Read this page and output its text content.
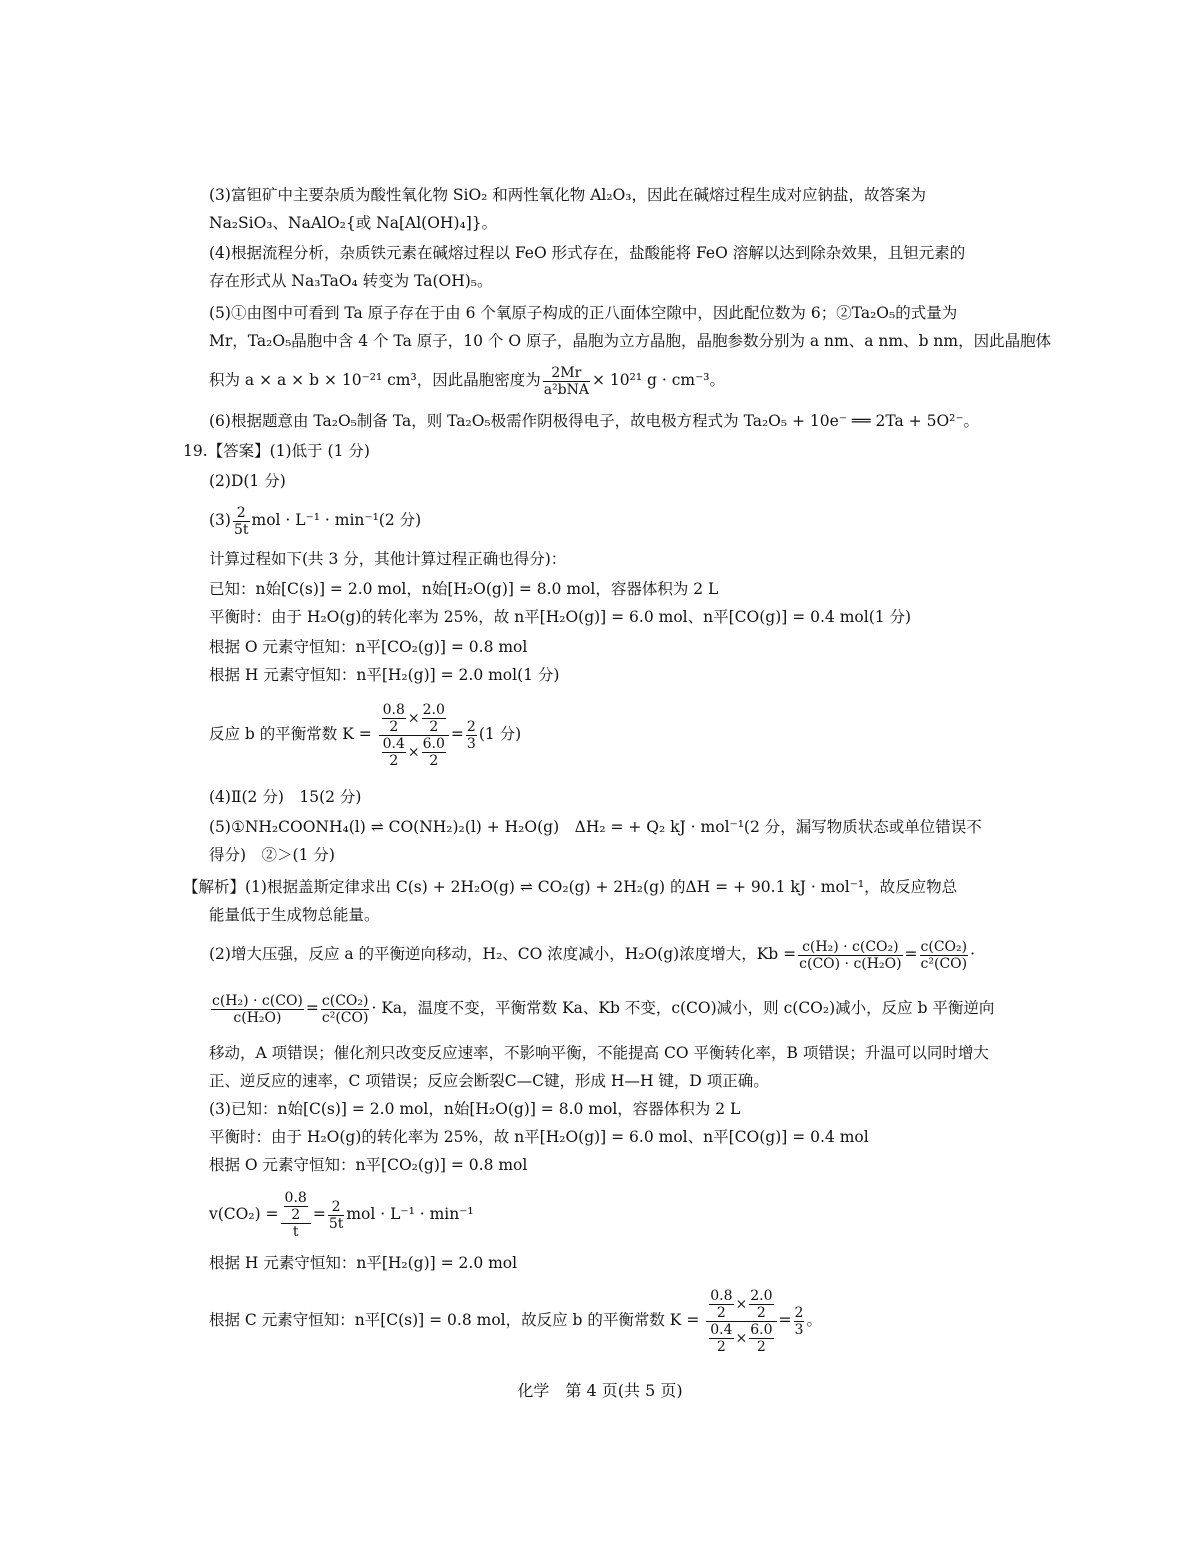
(3)富钽矿中主要杂质为酸性氧化物 SiO₂ 和两性氧化物 Al₂O₃，因此在碱熔过程生成对应钠盐，故答案为
Na₂SiO₃、NaAlO₂{或 Na[Al(OH)₄]}。
(4)根据流程分析，杂质铁元素在碱熔过程以 FeO 形式存在，盐酸能将 FeO 溶解以达到除杂效果，且钽元素的
存在形式从 Na₃TaO₄ 转变为 Ta(OH)₅。
(5)①由图中可看到 Ta 原子存在于由 6 个氧原子构成的正八面体空隙中，因此配位数为 6；②Ta₂O₅的式量为
Mr，Ta₂O₅晶胞中含 4 个 Ta 原子，10 个 O 原子，晶胞为立方晶胞，晶胞参数分别为 a nm、a nm、b nm，因此晶胞体
积为 a × a × b × 10⁻²¹ cm³，因此晶胞密度为 2Mr
a²bNA
× 10²¹ g · cm⁻³。
(6)根据题意由 Ta₂O₅制备 Ta，则 Ta₂O₅极需作阴极得电子，故电极方程式为 Ta₂O₅ + 10e⁻ ══ 2Ta + 5O²⁻。
19.【答案】(1)低于 (1 分)
(2)D(1 分)
$(3) \frac{2}{5t}$ mol · L⁻¹ · min⁻¹(2 分)
计算过程如下(共 3 分，其他计算过程正确也得分)：
已知：n始[C(s)] = 2.0 mol，n始[H₂O(g)] = 8.0 mol，容器体积为 2 L
平衡时：由于 H₂O(g)的转化率为 25%，故 n平[H₂O(g)] = 6.0 mol、n平[CO(g)] = 0.4 mol(1 分)
根据 O 元素守恒知：n平[CO₂(g)] = 0.8 mol
根据 H 元素守恒知：n平[H₂(g)] = 2.0 mol(1 分)
反应 b 的平衡常数 $K = \frac{\frac{0.8}{2} \times \frac{2.0}{2}}{\frac{0.4}{2} \times \frac{6.0}{2}} = \frac{2}{3} (1$ 分)
(4)Ⅱ(2 分)　15(2 分)
(5)①NH₂COONH₄(l) ⇌ CO(NH₂)₂(l) + H₂O(g)　ΔH₂ = + Q₂ kJ · mol⁻¹(2 分，漏写物质状态或单位错误不
得分)　②＞(1 分)
【解析】(1)根据盖斯定律求出 C(s) + 2H₂O(g) ⇌ CO₂(g) + 2H₂(g) 的ΔH = + 90.1 kJ · mol⁻¹，故反应物总
能量低于生成物总能量。
(2)增大压强，反应 a 的平衡逆向移动，H₂、CO 浓度减小，H₂O(g)浓度增大，$Kb = \frac{\text{c(H₂) · c(CO₂)}}{\text{c(CO) · c(H₂O)}} = \frac{\text{c(CO₂)}}{\text{c²(CO)}}$ ·
$\frac{\text{c(H₂) · c(CO)}}{\text{c(H₂O)}} = \frac{\text{c(CO₂)}}{\text{c²(CO)}} \cdot Ka$，温度不变，平衡常数 Ka、Kb 不变，c(CO)减小，则 c(CO₂)减小，反应 b 平衡逆向
移动，A 项错误；催化剂只改变反应速率，不影响平衡，不能提高 CO 平衡转化率，B 项错误；升温可以同时增大
正、逆反应的速率，C 项错误；反应会断裂C—C键，形成 H—H 键，D 项正确。
(3)已知：n始[C(s)] = 2.0 mol，n始[H₂O(g)] = 8.0 mol，容器体积为 2 L
平衡时：由于 H₂O(g)的转化率为 25%，故 n平[H₂O(g)] = 6.0 mol、n平[CO(g)] = 0.4 mol
根据 O 元素守恒知：n平[CO₂(g)] = 0.8 mol
$v(CO_2) = \frac{\frac{0.8}{2}}{t} = \frac{2}{5t}$ mol · L⁻¹ · min⁻¹
根据 H 元素守恒知：n平[H₂(g)] = 2.0 mol
根据 C 元素守恒知：n平[C(s)] = 0.8 mol，故反应 b 的平衡常数 $K = \frac{\frac{0.8}{2} \times \frac{2.0}{2}}{\frac{0.4}{2} \times \frac{6.0}{2}} = \frac{2}{3}$ 。
化学　第 4 页(共 5 页)
